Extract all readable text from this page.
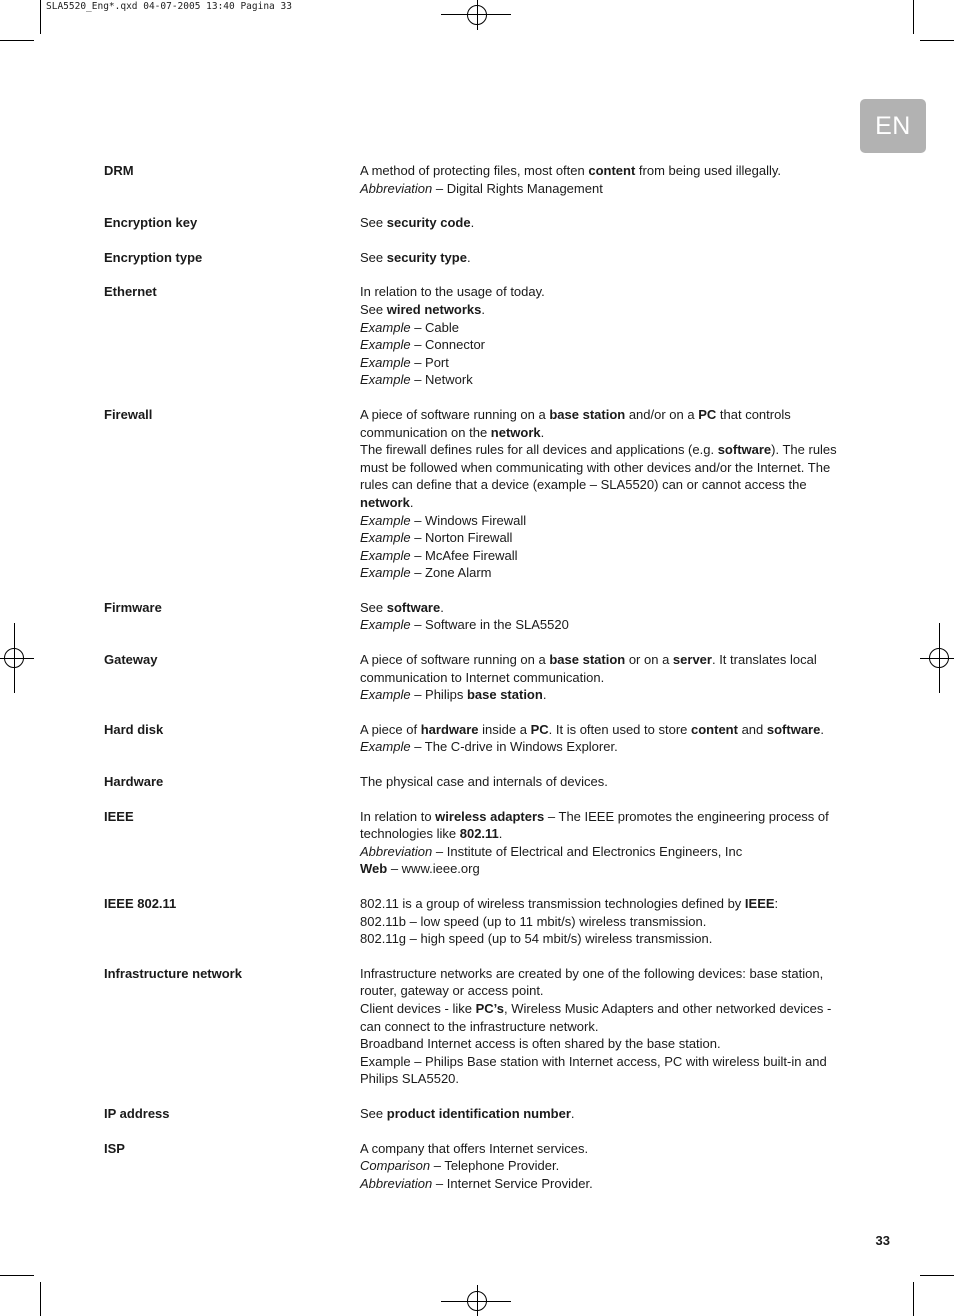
SLA5520_Eng*.qxd 04-07-2005 13:40 Pagina 33
EN
DRM	A method of protecting files, most often content from being used illegally.

Abbreviation – Digital Rights Management

Encryption key	See security code.

Encryption type	See security type.

Ethernet	In relation to the usage of today.

See wired networks.

Example – Cable

Example – Connector

Example – Port

Example – Network

Firewall	A piece of software running on a base station and/or on a PC that controls

communication on the network.

The firewall defines rules for all devices and applications (e.g. software). The rules

must be followed when communicating with other devices and/or the Internet. The

rules can define that a device (example – SLA5520) can or cannot access the

network.

Example – Windows Firewall

Example – Norton Firewall

Example – McAfee Firewall

Example – Zone Alarm

Firmware	See software.

Example – Software in the SLA5520

Gateway	A piece of software running on a base station or on a server. It translates local

communication to Internet communication.

Example – Philips base station.

Hard disk	A piece of hardware inside a PC. It is often used to store content and software.

Example – The C-drive in Windows Explorer.

Hardware	The physical case and internals of devices.

IEEE	In relation to wireless adapters – The IEEE promotes the engineering process of

technologies like 802.11.

Abbreviation – Institute of Electrical and Electronics Engineers, Inc

Web – www.ieee.org

IEEE 802.11	802.11 is a group of wireless transmission technologies defined by IEEE:

802.11b – low speed (up to 11 mbit/s) wireless transmission.

802.11g – high speed (up to 54 mbit/s) wireless transmission.

Infrastructure network	Infrastructure networks are created by one of the following devices: base station,

router, gateway or access point.

Client devices - like PC’s, Wireless Music Adapters and other networked devices -

can connect to the infrastructure network.

Broadband Internet access is often shared by the base station.

Example – Philips Base station with Internet access, PC with wireless built-in and

Philips SLA5520.

IP address	See product identification number.

ISP	A company that offers Internet services.

Comparison – Telephone Provider.

Abbreviation – Internet Service Provider.

33
